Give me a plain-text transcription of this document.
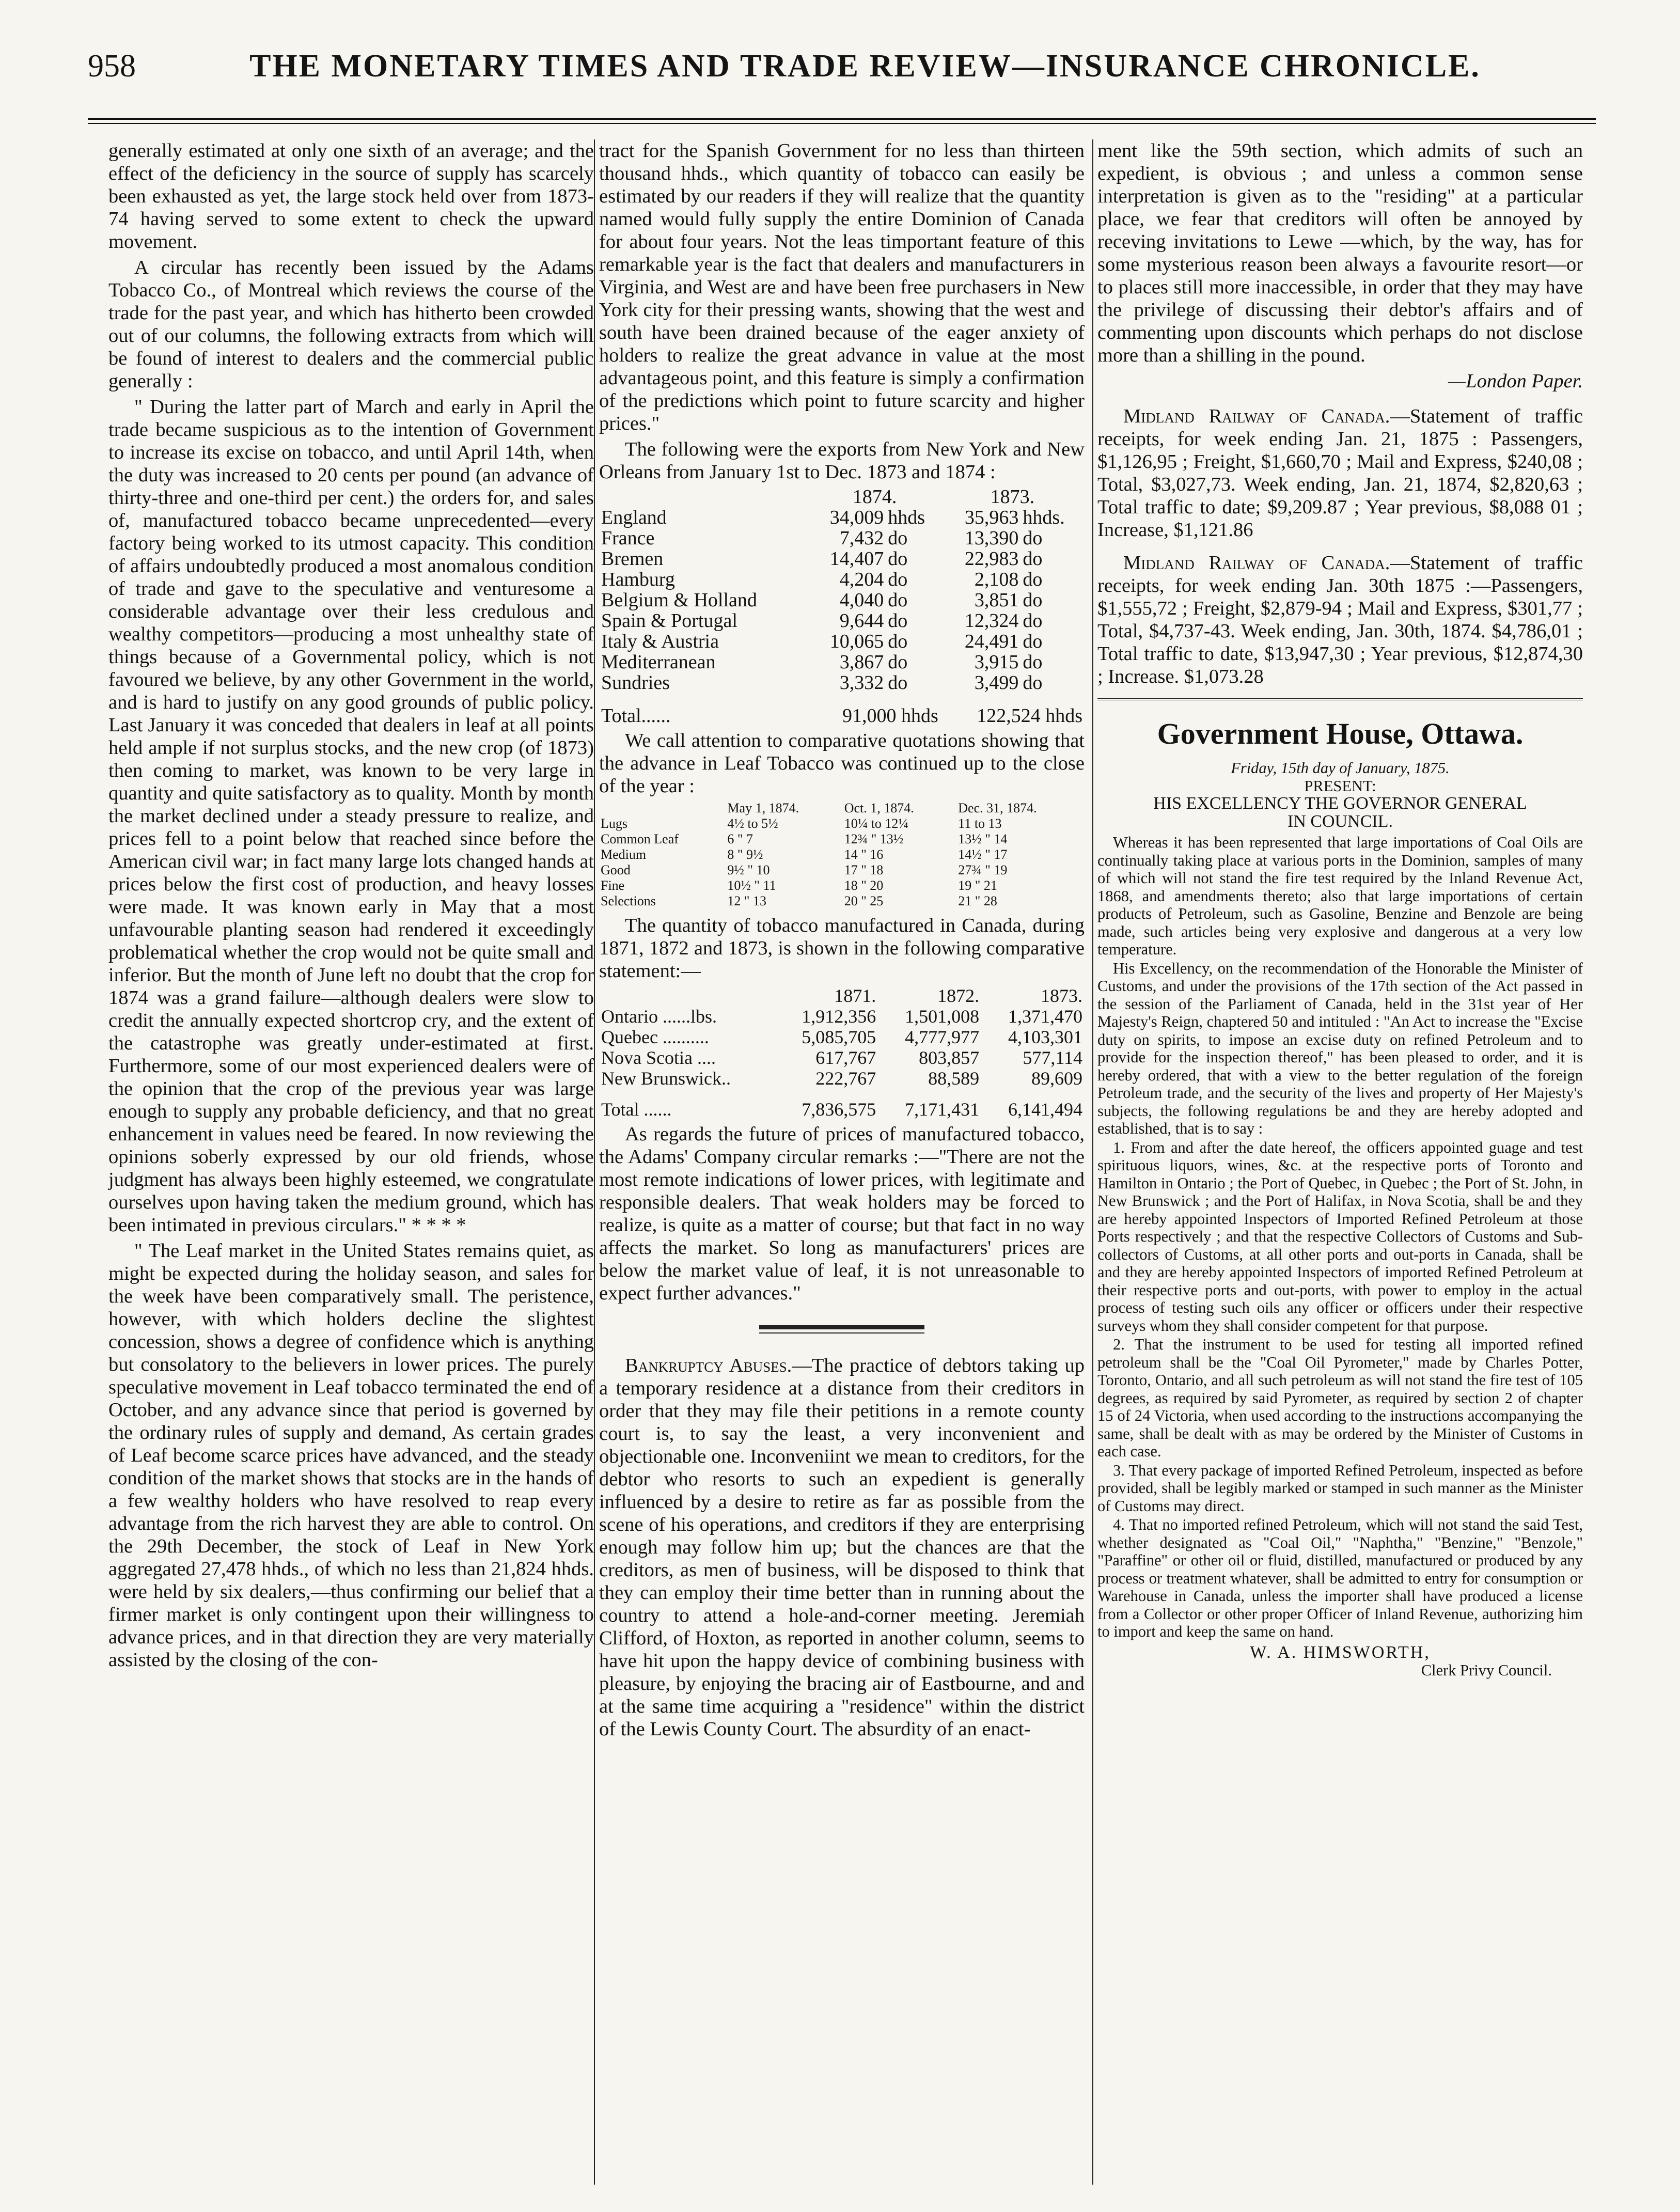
958	THE MONETARY TIMES AND TRADE REVIEW—INSURANCE CHRONICLE.

generally estimated at only one sixth of an average; and the effect of the deficiency in the source of supply has scarcely been exhausted as yet, the large stock held over from 1873-74 having served to some extent to check the upward movement.

A circular has recently been issued by the Adams Tobacco Co., of Montreal which reviews the course of the trade for the past year, and which has hitherto been crowded out of our columns, the following extracts from which will be found of interest to dealers and the commercial public generally :

" During the latter part of March and early in April the trade became suspicious as to the intention of Government to increase its excise on tobacco, and until April 14th, when the duty was increased to 20 cents per pound (an advance of thirty-three and one-third per cent.) the orders for, and sales of, manufactured tobacco became unprecedented—every factory being worked to its utmost capacity. This condition of affairs undoubtedly produced a most anomalous condition of trade and gave to the speculative and venturesome a considerable advantage over their less credulous and wealthy competitors—producing a most unhealthy state of things because of a Governmental policy, which is not favoured we believe, by any other Government in the world, and is hard to justify on any good grounds of public policy. Last January it was conceded that dealers in leaf at all points held ample if not surplus stocks, and the new crop (of 1873) then coming to market, was known to be very large in quantity and quite satisfactory as to quality. Month by month the market declined under a steady pressure to realize, and prices fell to a point below that reached since before the American civil war; in fact many large lots changed hands at prices below the first cost of production, and heavy losses were made. It was known early in May that a most unfavourable planting season had rendered it exceedingly problematical whether the crop would not be quite small and inferior. But the month of June left no doubt that the crop for 1874 was a grand failure—although dealers were slow to credit the annually expected shortcrop cry, and the extent of the catastrophe was greatly under-estimated at first. Furthermore, some of our most experienced dealers were of the opinion that the crop of the previous year was large enough to supply any probable deficiency, and that no great enhancement in values need be feared. In now reviewing the opinions soberly expressed by our old friends, whose judgment has always been highly esteemed, we congratulate ourselves upon having taken the medium ground, which has been intimated in previous circulars." * * * *

" The Leaf market in the United States remains quiet, as might be expected during the holiday season, and sales for the week have been comparatively small. The peristence, however, with which holders decline the slightest concession, shows a degree of confidence which is anything but consolatory to the believers in lower prices. The purely speculative movement in Leaf tobacco terminated the end of October, and any advance since that period is governed by the ordinary rules of supply and demand, As certain grades of Leaf become scarce prices have advanced, and the steady condition of the market shows that stocks are in the hands of a few wealthy holders who have resolved to reap every advantage from the rich harvest they are able to control. On the 29th December, the stock of Leaf in New York aggregated 27,478 hhds., of which no less than 21,824 hhds. were held by six dealers,—thus confirming our belief that a firmer market is only contingent upon their willingness to advance prices, and in that direction they are very materially assisted by the closing of the con-

tract for the Spanish Government for no less than thirteen thousand hhds., which quantity of tobacco can easily be estimated by our readers if they will realize that the quantity named would fully supply the entire Dominion of Canada for about four years. Not the leas timportant feature of this remarkable year is the fact that dealers and manufacturers in Virginia, and West are and have been free purchasers in New York city for their pressing wants, showing that the west and south have been drained because of the eager anxiety of holders to realize the great advance in value at the most advantageous point, and this feature is simply a confirmation of the predictions which point to future scarcity and higher prices."

The following were the exports from New York and New Orleans from January 1st to Dec. 1873 and 1874 :

	1874.		1873.	
England	34,009	hhds	35,963	hhds.
France	7,432	do	13,390	do
Bremen	14,407	do	22,983	do
Hamburg	4,204	do	2,108	do
Belgium & Holland	4,040	do	3,851	do
Spain & Portugal	9,644	do	12,324	do
Italy & Austria	10,065	do	24,491	do
Mediterranean	3,867	do	3,915	do
Sundries	3,332	do	3,499	do
Total......	91,000 hhds		122,524 hhds	

We call attention to comparative quotations showing that the advance in Leaf Tobacco was continued up to the close of the year :

	May 1, 1874.	Oct. 1, 1874.	Dec. 31, 1874.
Lugs	4½ to 5½	10¼ to 12¼	11 to 13
Common Leaf	6 " 7	12¾ " 13½	13½ " 14
Medium	8 " 9½	14 " 16	14½ " 17
Good	9½ " 10	17 " 18	27¾ " 19
Fine	10½ " 11	18 " 20	19 " 21
Selections	12 " 13	20 " 25	21 " 28

The quantity of tobacco manufactured in Canada, during 1871, 1872 and 1873, is shown in the following comparative statement:—

	1871.	1872.	1873.
Ontario ......lbs.	1,912,356	1,501,008	1,371,470
Quebec ..........	5,085,705	4,777,977	4,103,301
Nova Scotia ....	617,767	803,857	577,114
New Brunswick..	222,767	88,589	89,609
Total ......	7,836,575	7,171,431	6,141,494

As regards the future of prices of manufactured tobacco, the Adams' Company circular remarks :—"There are not the most remote indications of lower prices, with legitimate and responsible dealers. That weak holders may be forced to realize, is quite as a matter of course; but that fact in no way affects the market. So long as manufacturers' prices are below the market value of leaf, it is not unreasonable to expect further advances."

Bankruptcy Abuses.—The practice of debtors taking up a temporary residence at a distance from their creditors in order that they may file their petitions in a remote county court is, to say the least, a very inconvenient and objectionable one. Inconveniint we mean to creditors, for the debtor who resorts to such an expedient is generally influenced by a desire to retire as far as possible from the scene of his operations, and creditors if they are enterprising enough may follow him up; but the chances are that the creditors, as men of business, will be disposed to think that they can employ their time better than in running about the country to attend a hole-and-corner meeting. Jeremiah Clifford, of Hoxton, as reported in another column, seems to have hit upon the happy device of combining business with pleasure, by enjoying the bracing air of Eastbourne, and and at the same time acquiring a "residence" within the district of the Lewis County Court. The absurdity of an enact-

ment like the 59th section, which admits of such an expedient, is obvious ; and unless a common sense interpretation is given as to the "residing" at a particular place, we fear that creditors will often be annoyed by receving invitations to Lewe —which, by the way, has for some mysterious reason been always a favourite resort—or to places still more inaccessible, in order that they may have the privilege of discussing their debtor's affairs and of commenting upon discounts which perhaps do not disclose more than a shilling in the pound.

—London Paper.

Midland Railway of Canada.—Statement of traffic receipts, for week ending Jan. 21, 1875 : Passengers, $1,126,95 ; Freight, $1,660,70 ; Mail and Express, $240,08 ; Total, $3,027,73. Week ending, Jan. 21, 1874, $2,820,63 ; Total traffic to date; $9,209.87 ; Year previous, $8,088 01 ; Increase, $1,121.86

Midland Railway of Canada.—Statement of traffic receipts, for week ending Jan. 30th 1875 :—Passengers, $1,555,72 ; Freight, $2,879-94 ; Mail and Express, $301,77 ; Total, $4,737-43. Week ending, Jan. 30th, 1874. $4,786,01 ; Total traffic to date, $13,947,30 ; Year previous, $12,874,30 ; Increase. $1,073.28

Government House, Ottawa.
Friday, 15th day of January, 1875.
PRESENT:
HIS EXCELLENCY THE GOVERNOR GENERAL
IN COUNCIL.

Whereas it has been represented that large importations of Coal Oils are continually taking place at various ports in the Dominion, samples of many of which will not stand the fire test required by the Inland Revenue Act, 1868, and amendments thereto; also that large importations of certain products of Petroleum, such as Gasoline, Benzine and Benzole are being made, such articles being very explosive and dangerous at a very low temperature.

His Excellency, on the recommendation of the Honorable the Minister of Customs, and under the provisions of the 17th section of the Act passed in the session of the Parliament of Canada, held in the 31st year of Her Majesty's Reign, chaptered 50 and intituled : "An Act to increase the "Excise duty on spirits, to impose an excise duty on refined Petroleum and to provide for the inspection thereof," has been pleased to order, and it is hereby ordered, that with a view to the better regulation of the foreign Petroleum trade, and the security of the lives and property of Her Majesty's subjects, the following regulations be and they are hereby adopted and established, that is to say :

1. From and after the date hereof, the officers appointed guage and test spirituous liquors, wines, &c. at the respective ports of Toronto and Hamilton in Ontario ; the Port of Quebec, in Quebec ; the Port of St. John, in New Brunswick ; and the Port of Halifax, in Nova Scotia, shall be and they are hereby appointed Inspectors of Imported Refined Petroleum at those Ports respectively ; and that the respective Collectors of Customs and Sub-collectors of Customs, at all other ports and out-ports in Canada, shall be and they are hereby appointed Inspectors of imported Refined Petroleum at their respective ports and out-ports, with power to employ in the actual process of testing such oils any officer or officers under their respective surveys whom they shall consider competent for that purpose.

2. That the instrument to be used for testing all imported refined petroleum shall be the "Coal Oil Pyrometer," made by Charles Potter, Toronto, Ontario, and all such petroleum as will not stand the fire test of 105 degrees, as required by said Pyrometer, as required by section 2 of chapter 15 of 24 Victoria, when used according to the instructions accompanying the same, shall be dealt with as may be ordered by the Minister of Customs in each case.

3. That every package of imported Refined Petroleum, inspected as before provided, shall be legibly marked or stamped in such manner as the Minister of Customs may direct.

4. That no imported refined Petroleum, which will not stand the said Test, whether designated as "Coal Oil," "Naphtha," "Benzine," "Benzole," "Paraffine" or other oil or fluid, distilled, manufactured or produced by any process or treatment whatever, shall be admitted to entry for consumption or Warehouse in Canada, unless the importer shall have produced a license from a Collector or other proper Officer of Inland Revenue, authorizing him to import and keep the same on hand.

W. A. HIMSWORTH,
Clerk Privy Council.
